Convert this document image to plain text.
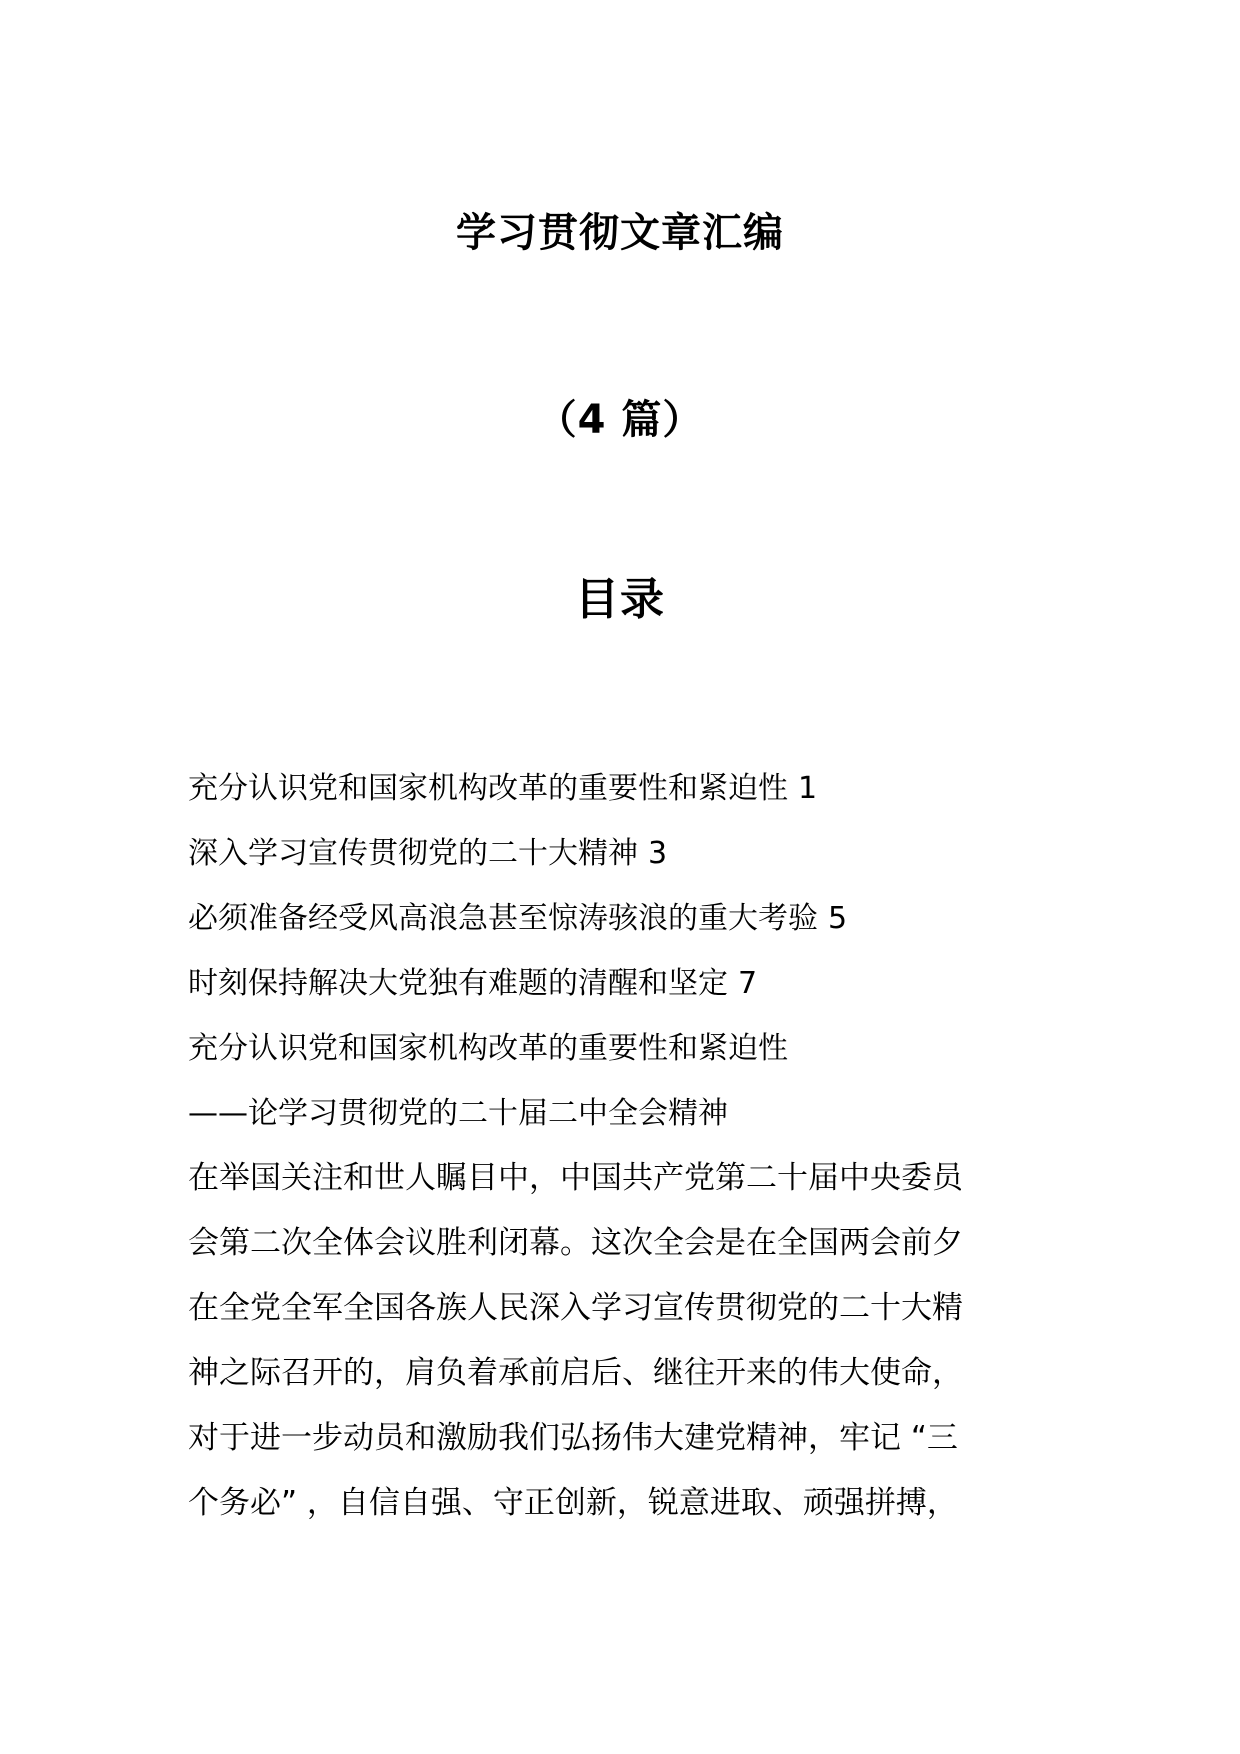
学习贯彻文章汇编
（4 篇）
目录
充分认识党和国家机构改革的重要性和紧迫性 1
深入学习宣传贯彻党的二十大精神 3
必须准备经受风高浪急甚至惊涛骇浪的重大考验 5
时刻保持解决大党独有难题的清醒和坚定 7
充分认识党和国家机构改革的重要性和紧迫性
——论学习贯彻党的二十届二中全会精神
在举国关注和世人瞩目中，中国共产党第二十届中央委员
会第二次全体会议胜利闭幕。这次全会是在全国两会前夕
在全党全军全国各族人民深入学习宣传贯彻党的二十大精
神之际召开的，肩负着承前启后、继往开来的伟大使命，
对于进一步动员和激励我们弘扬伟大建党精神，牢记 “三
个务必” ，自信自强、守正创新，锐意进取、顽强拼搏，
